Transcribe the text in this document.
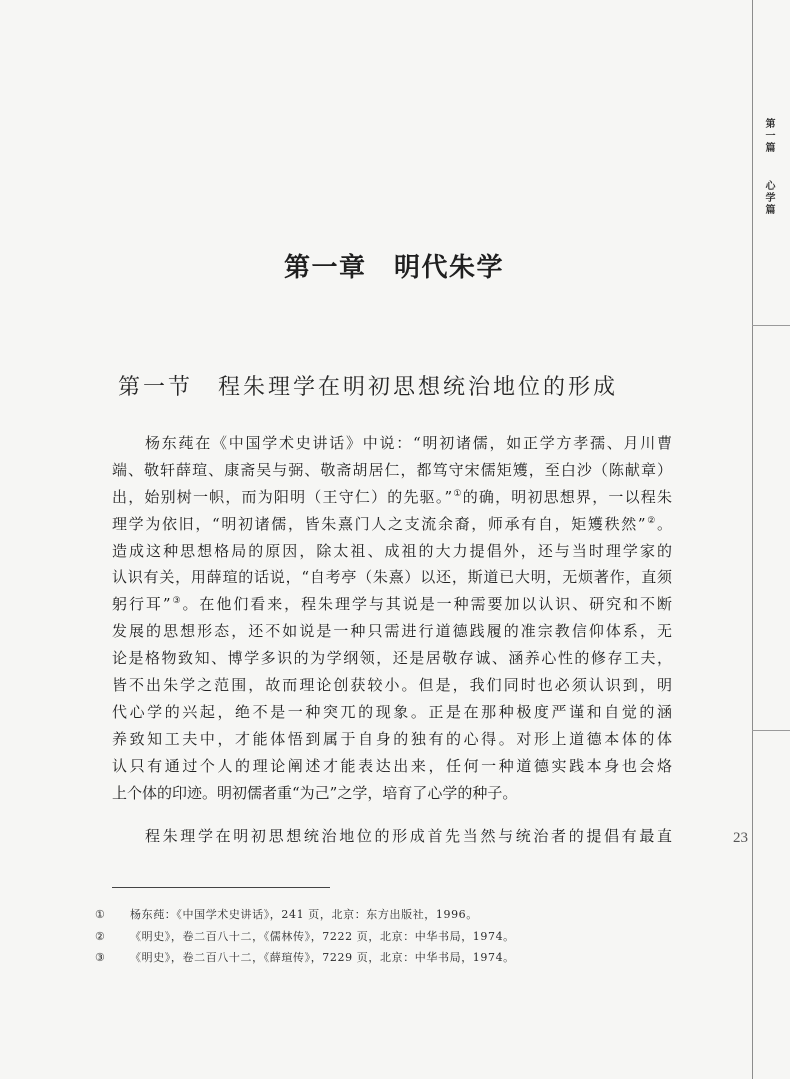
第一篇
心学篇
第一章　明代朱学
第一节　程朱理学在明初思想统治地位的形成
杨东莼在《中国学术史讲话》中说：“明初诸儒，如正学方孝孺、月川曹
端、敬轩薛瑄、康斋吴与弼、敬斋胡居仁，都笃守宋儒矩矱，至白沙（陈献章）
出，始别树一帜，而为阳明（王守仁）的先驱。”①的确，明初思想界，一以程朱
理学为依旧，“明初诸儒，皆朱熹门人之支流余裔，师承有自，矩矱秩然”②。
造成这种思想格局的原因，除太祖、成祖的大力提倡外，还与当时理学家的
认识有关，用薛瑄的话说，“自考亭（朱熹）以还，斯道已大明，无烦著作，直须
躬行耳”③。在他们看来，程朱理学与其说是一种需要加以认识、研究和不断
发展的思想形态，还不如说是一种只需进行道德践履的准宗教信仰体系，无
论是格物致知、博学多识的为学纲领，还是居敬存诚、涵养心性的修存工夫，
皆不出朱学之范围，故而理论创获较小。但是，我们同时也必须认识到，明
代心学的兴起，绝不是一种突兀的现象。正是在那种极度严谨和自觉的涵
养致知工夫中，才能体悟到属于自身的独有的心得。对形上道德本体的体
认只有通过个人的理论阐述才能表达出来，任何一种道德实践本身也会烙
上个体的印迹。明初儒者重“为己”之学，培育了心学的种子。
程朱理学在明初思想统治地位的形成首先当然与统治者的提倡有最直	23
① 杨东莼：《中国学术史讲话》，241 页，北京：东方出版社，1996。
② 《明史》，卷二百八十二，《儒林传》，7222 页，北京：中华书局，1974。
③ 《明史》，卷二百八十二，《薛瑄传》，7229 页，北京：中华书局，1974。
